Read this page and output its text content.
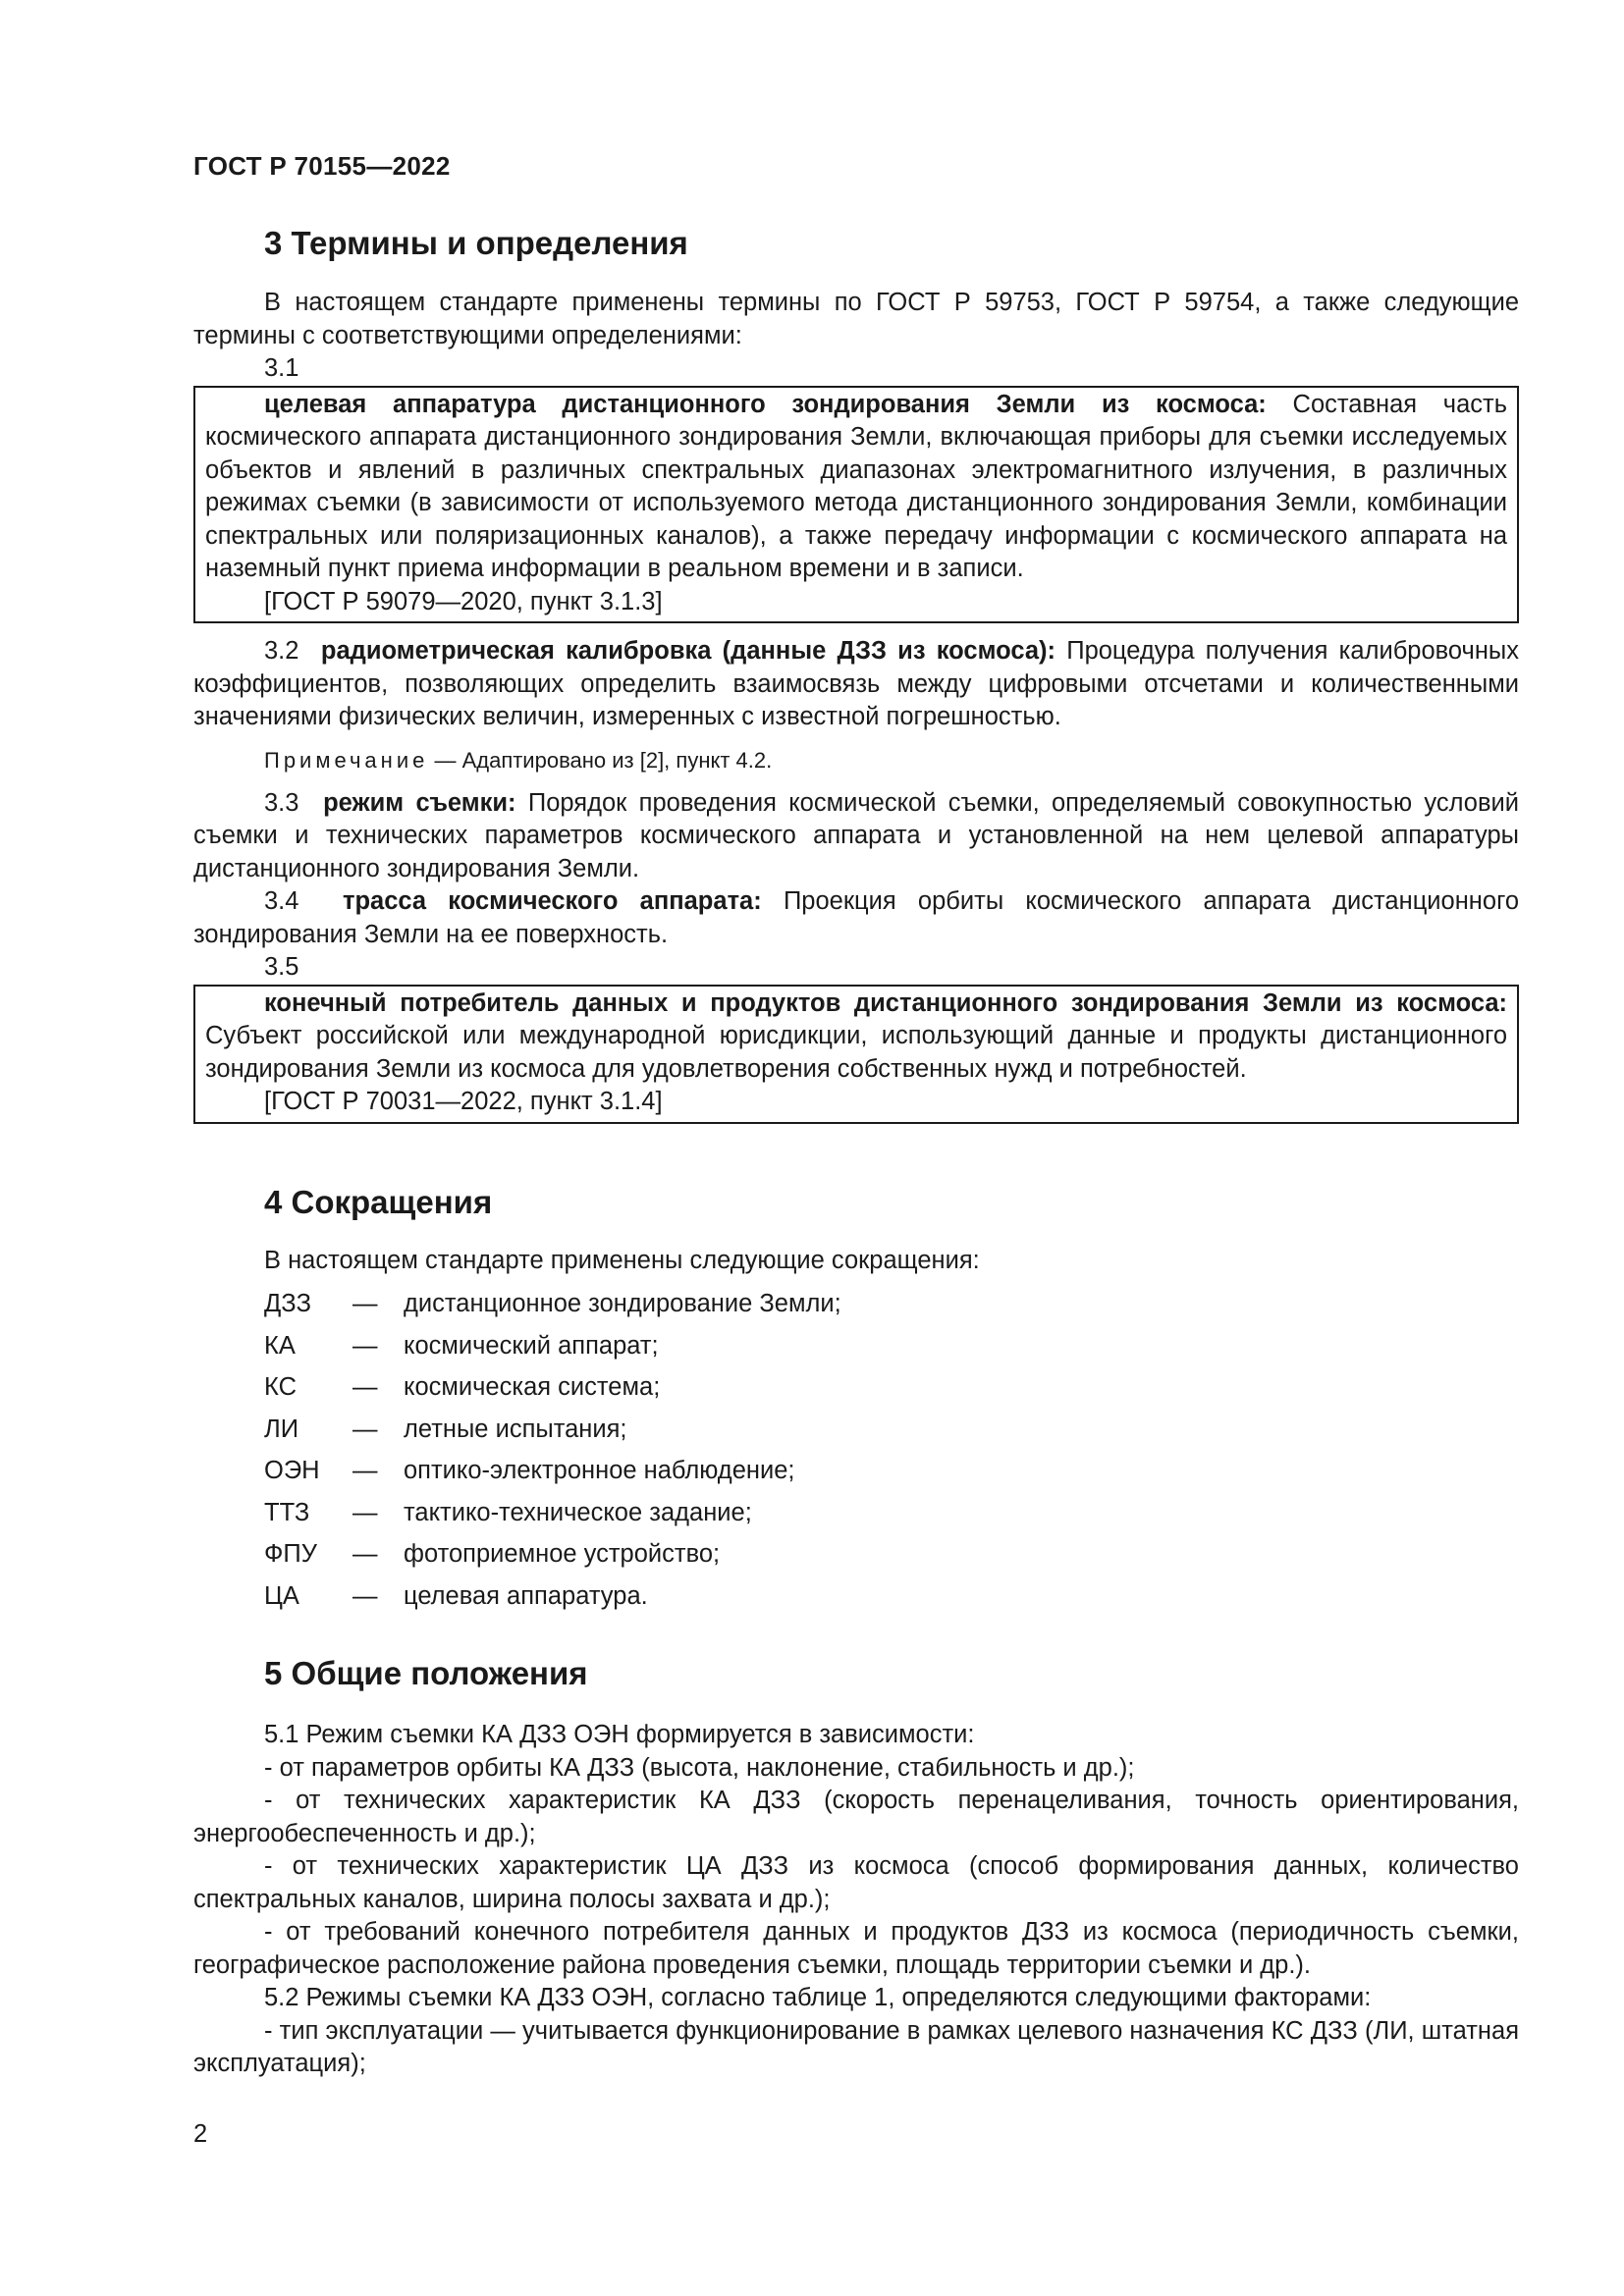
ГОСТ Р 70155—2022
3 Термины и определения

В настоящем стандарте применены термины по ГОСТ Р 59753, ГОСТ Р 59754, а также следующие термины с соответствующими определениями:

3.1

целевая аппаратура дистанционного зондирования Земли из космоса: Составная часть космического аппарата дистанционного зондирования Земли, включающая приборы для съемки исследуемых объектов и явлений в различных спектральных диапазонах электромагнитного излучения, в различных режимах съемки (в зависимости от используемого метода дистанционного зондирования Земли, комбинации спектральных или поляризационных каналов), а также передачу информации с космического аппарата на наземный пункт приема информации в реальном времени и в записи.

[ГОСТ Р 59079—2020, пункт 3.1.3]

3.2 радиометрическая калибровка (данные ДЗЗ из космоса): Процедура получения калибровочных коэффициентов, позволяющих определить взаимосвязь между цифровыми отсчетами и количественными значениями физических величин, измеренных с известной погрешностью.

Примечание — Адаптировано из [2], пункт 4.2.

3.3 режим съемки: Порядок проведения космической съемки, определяемый совокупностью условий съемки и технических параметров космического аппарата и установленной на нем целевой аппаратуры дистанционного зондирования Земли.

3.4 трасса космического аппарата: Проекция орбиты космического аппарата дистанционного зондирования Земли на ее поверхность.

3.5

конечный потребитель данных и продуктов дистанционного зондирования Земли из космоса: Субъект российской или международной юрисдикции, использующий данные и продукты дистанционного зондирования Земли из космоса для удовлетворения собственных нужд и потребностей.

[ГОСТ Р 70031—2022, пункт 3.1.4]

4 Сокращения

В настоящем стандарте применены следующие сокращения:

ДЗЗ	—	дистанционное зондирование Земли;
КА	—	космический аппарат;
КС	—	космическая система;
ЛИ	—	летные испытания;
ОЭН	—	оптико-электронное наблюдение;
ТТЗ	—	тактико-техническое задание;
ФПУ	—	фотоприемное устройство;
ЦА	—	целевая аппаратура.
5 Общие положения

5.1 Режим съемки КА ДЗЗ ОЭН формируется в зависимости:

- от параметров орбиты КА ДЗЗ (высота, наклонение, стабильность и др.);

- от технических характеристик КА ДЗЗ (скорость перенацеливания, точность ориентирования, энергообеспеченность и др.);

- от технических характеристик ЦА ДЗЗ из космоса (способ формирования данных, количество спектральных каналов, ширина полосы захвата и др.);

- от требований конечного потребителя данных и продуктов ДЗЗ из космоса (периодичность съемки, географическое расположение района проведения съемки, площадь территории съемки и др.).

5.2 Режимы съемки КА ДЗЗ ОЭН, согласно таблице 1, определяются следующими факторами:

- тип эксплуатации — учитывается функционирование в рамках целевого назначения КС ДЗЗ (ЛИ, штатная эксплуатация);

2
